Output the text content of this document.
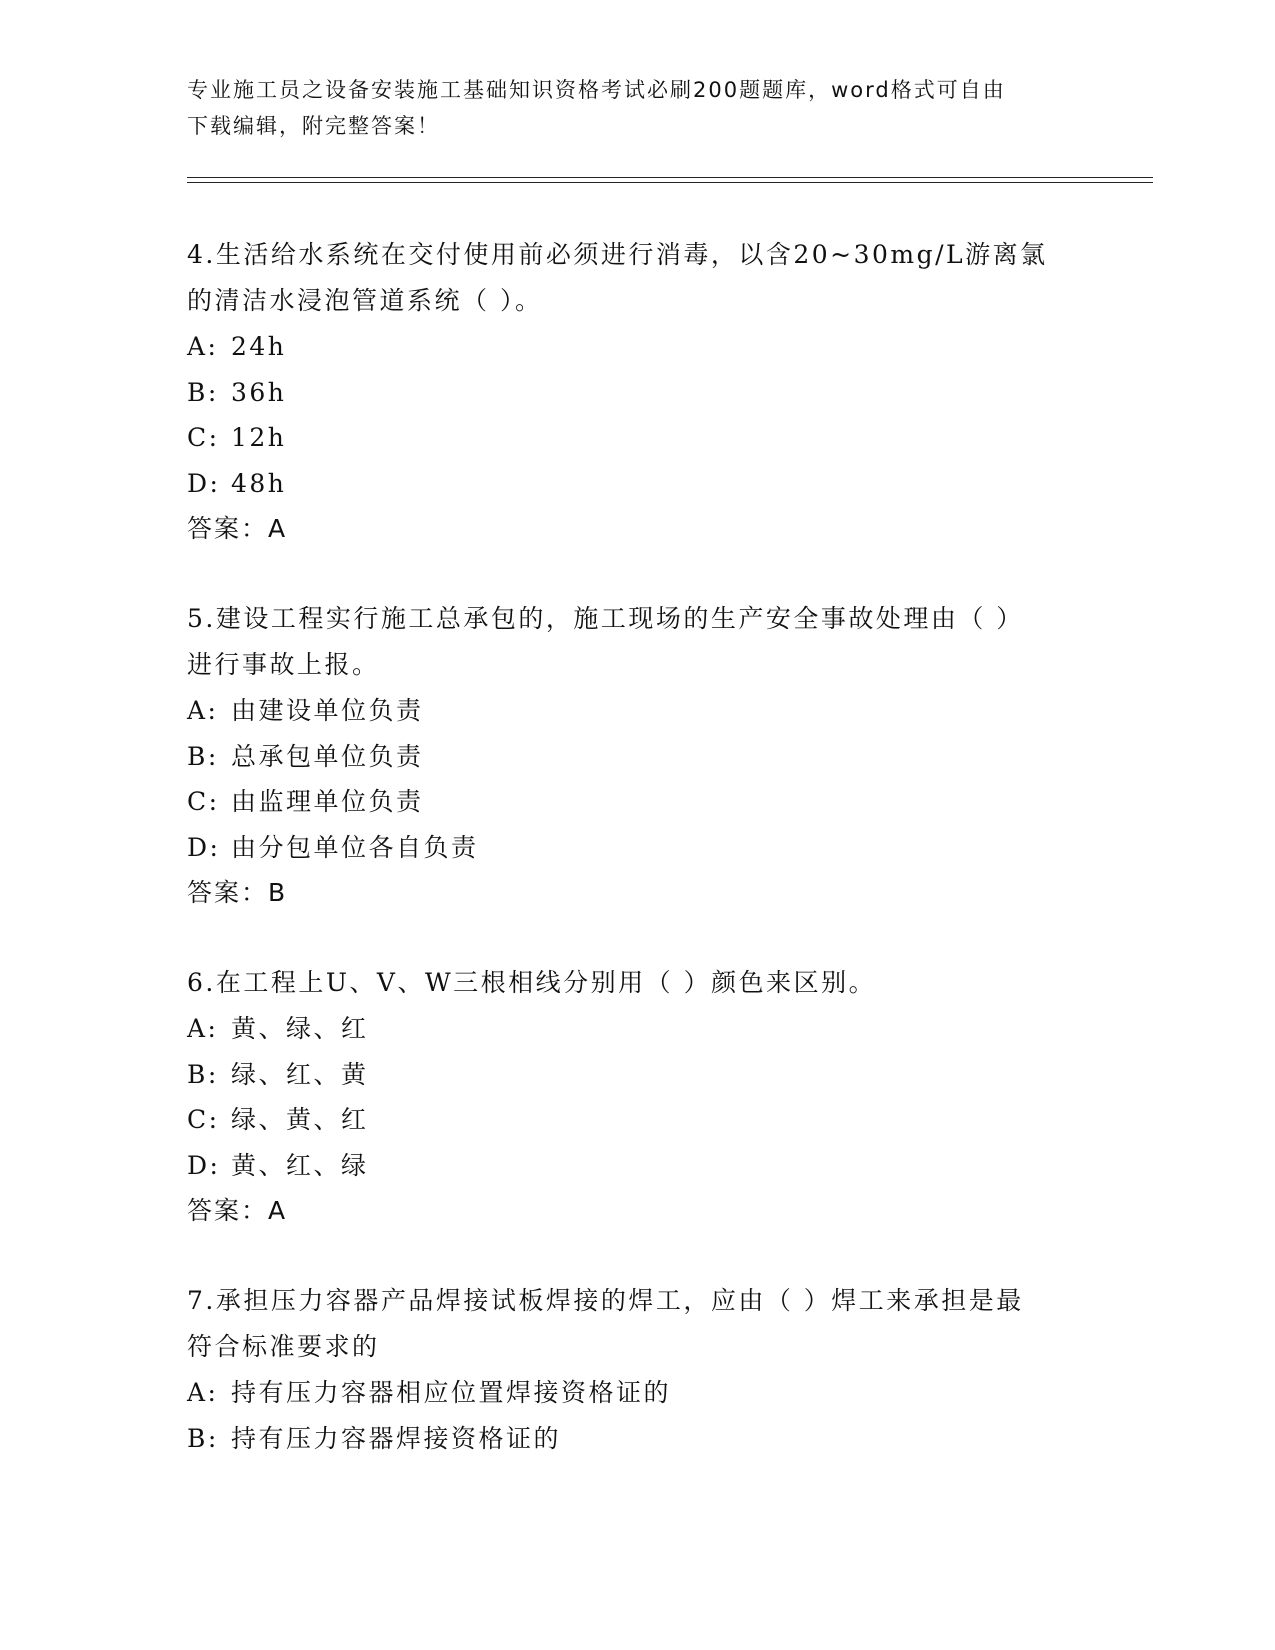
专业施工员之设备安装施工基础知识资格考试必刷200题题库，word格式可自由
下载编辑，附完整答案！

4.生活给水系统在交付使用前必须进行消毒，以含20~30mg/L游离氯

的清洁水浸泡管道系统（ ）。

A: 24h

B: 36h

C: 12h

D: 48h

答案：A

5.建设工程实行施工总承包的，施工现场的生产安全事故处理由（ ）

进行事故上报。

A: 由建设单位负责

B: 总承包单位负责

C: 由监理单位负责

D: 由分包单位各自负责

答案：B

6.在工程上U、V、W三根相线分别用（ ）颜色来区别。

A: 黄、绿、红

B: 绿、红、黄

C: 绿、黄、红

D: 黄、红、绿

答案：A

7.承担压力容器产品焊接试板焊接的焊工，应由（ ）焊工来承担是最

符合标准要求的

A: 持有压力容器相应位置焊接资格证的

B: 持有压力容器焊接资格证的
